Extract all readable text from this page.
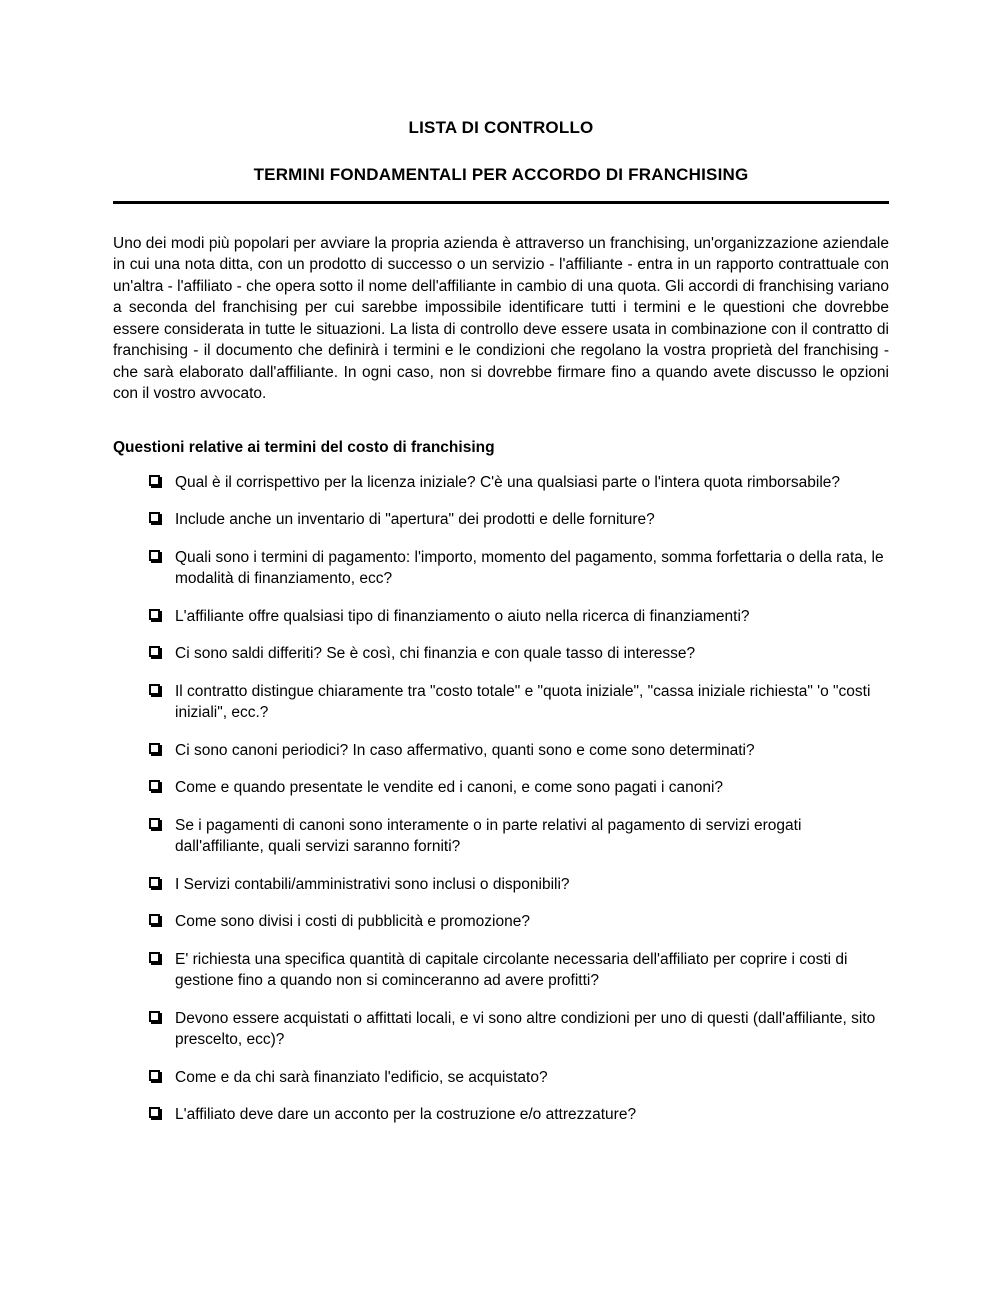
LISTA DI CONTROLLO
TERMINI FONDAMENTALI PER ACCORDO DI FRANCHISING

Uno dei modi più popolari per avviare la propria azienda è attraverso un franchising, un'organizzazione aziendale in cui una nota ditta, con un prodotto di successo o un servizio - l'affiliante - entra in un rapporto contrattuale con un'altra - l'affiliato - che opera sotto il nome dell'affiliante in cambio di una quota. Gli accordi di franchising variano a seconda del franchising per cui sarebbe impossibile identificare tutti i termini e le questioni che dovrebbe essere considerata in tutte le situazioni. La lista di controllo deve essere usata in combinazione con il contratto di franchising - il documento che definirà i termini e le condizioni che regolano la vostra proprietà del franchising - che sarà elaborato dall'affiliante. In ogni caso, non si dovrebbe firmare fino a quando avete discusso le opzioni con il vostro avvocato.

Questioni relative ai termini del costo di franchising
Qual è il corrispettivo per la licenza iniziale? C'è una qualsiasi parte o l'intera quota rimborsabile?
Include anche un inventario di "apertura" dei prodotti e delle forniture?
Quali sono i termini di pagamento: l'importo, momento del pagamento, somma forfettaria o della rata, le modalità di finanziamento, ecc?
L'affiliante offre qualsiasi tipo di finanziamento o aiuto nella ricerca di finanziamenti?
Ci sono saldi differiti? Se è così, chi finanzia e con quale tasso di interesse?
Il contratto distingue chiaramente tra "costo totale" e "quota iniziale", "cassa iniziale richiesta" 'o "costi iniziali", ecc.?
Ci sono canoni periodici? In caso affermativo, quanti sono e come sono determinati?
Come e quando presentate le vendite ed i canoni, e come sono pagati i canoni?
Se i pagamenti di canoni sono interamente o in parte relativi al pagamento di servizi erogati dall'affiliante, quali servizi saranno forniti?
I Servizi contabili/amministrativi sono inclusi o disponibili?
Come sono divisi i costi di pubblicità e promozione?
E' richiesta una specifica quantità di capitale circolante necessaria dell'affiliato per coprire i costi di gestione fino a quando non si cominceranno ad avere profitti?
Devono essere acquistati o affittati locali, e vi sono altre condizioni per uno di questi (dall'affiliante, sito prescelto, ecc)?
Come e da chi sarà finanziato l'edificio, se acquistato?
L'affiliato deve dare un acconto per la costruzione e/o attrezzature?
